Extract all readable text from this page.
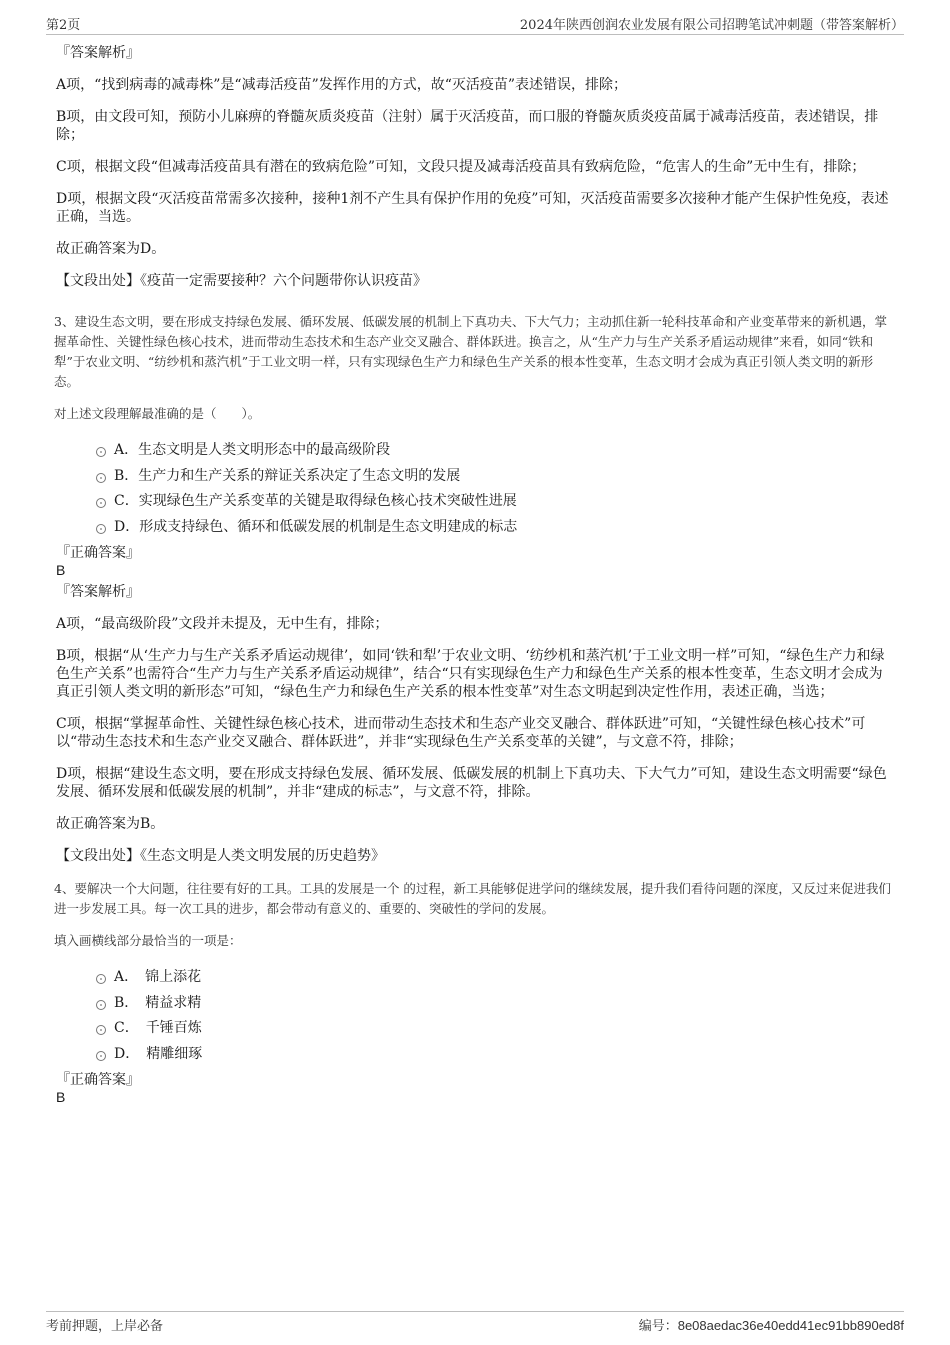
第2页	2024年陕西创润农业发展有限公司招聘笔试冲刺题（带答案解析）

『答案解析』

A项，“找到病毒的减毒株”是“减毒活疫苗”发挥作用的方式，故“灭活疫苗”表述错误，排除；

B项，由文段可知，预防小儿麻痹的脊髓灰质炎疫苗（注射）属于灭活疫苗，而口服的脊髓灰质炎疫苗属于减毒活疫苗，表述错误，排除；

C项，根据文段“但减毒活疫苗具有潜在的致病危险”可知，文段只提及减毒活疫苗具有致病危险，“危害人的生命”无中生有，排除；

D项，根据文段“灭活疫苗常需多次接种，接种1剂不产生具有保护作用的免疫”可知，灭活疫苗需要多次接种才能产生保护性免疫，表述正确，当选。

故正确答案为D。

【文段出处】《疫苗一定需要接种？六个问题带你认识疫苗》

3、建设生态文明，要在形成支持绿色发展、循环发展、低碳发展的机制上下真功夫、下大气力；主动抓住新一轮科技革命和产业变革带来的新机遇，掌握革命性、关键性绿色核心技术，进而带动生态技术和生态产业交叉融合、群体跃进。换言之，从“生产力与生产关系矛盾运动规律”来看，如同“铁和犁”于农业文明、“纺纱机和蒸汽机”于工业文明一样，只有实现绿色生产力和绿色生产关系的根本性变革，生态文明才会成为真正引领人类文明的新形态。

对上述文段理解最准确的是（　　）。

A．生态文明是人类文明形态中的最高级阶段
B．生产力和生产关系的辩证关系决定了生态文明的发展
C．实现绿色生产关系变革的关键是取得绿色核心技术突破性进展
D．形成支持绿色、循环和低碳发展的机制是生态文明建成的标志

『正确答案』

B

『答案解析』

A项，“最高级阶段”文段并未提及，无中生有，排除；

B项，根据“从‘生产力与生产关系矛盾运动规律’，如同‘铁和犁’于农业文明、‘纺纱机和蒸汽机’于工业文明一样”可知，“绿色生产力和绿色生产关系”也需符合“生产力与生产关系矛盾运动规律”，结合“只有实现绿色生产力和绿色生产关系的根本性变革，生态文明才会成为真正引领人类文明的新形态”可知，“绿色生产力和绿色生产关系的根本性变革”对生态文明起到决定性作用，表述正确，当选；

C项，根据“掌握革命性、关键性绿色核心技术，进而带动生态技术和生态产业交叉融合、群体跃进”可知，“关键性绿色核心技术”可以“带动生态技术和生态产业交叉融合、群体跃进”，并非“实现绿色生产关系变革的关键”，与文意不符，排除；

D项，根据“建设生态文明，要在形成支持绿色发展、循环发展、低碳发展的机制上下真功夫、下大气力”可知，建设生态文明需要“绿色发展、循环发展和低碳发展的机制”，并非“建成的标志”，与文意不符，排除。

故正确答案为B。

【文段出处】《生态文明是人类文明发展的历史趋势》

4、要解决一个大问题，往往要有好的工具。工具的发展是一个 的过程，新工具能够促进学问的继续发展，提升我们看待问题的深度，又反过来促进我们进一步发展工具。每一次工具的进步，都会带动有意义的、重要的、突破性的学问的发展。

填入画横线部分最恰当的一项是：

A．　锦上添花
B．　精益求精
C．　千锤百炼
D．　精雕细琢

『正确答案』

B

考前押题，上岸必备	编号：8e08aedac36e40edd41ec91bb890ed8f
